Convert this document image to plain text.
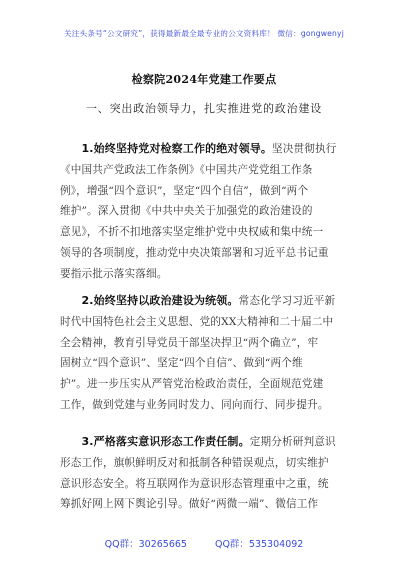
关注头条号“公文研究”，获得最新最全最专业的公文资料库！ 微信：gongwenyj
检察院2024年党建工作要点
一、突出政治领导力，扎实推进党的政治建设
　　1.始终坚持党对检察工作的绝对领导。坚决贯彻执行
《中国共产党政法工作条例》《中国共产党党组工作条
例》，增强“四个意识”，坚定“四个自信”，做到“两个
维护”。深入贯彻《中共中央关于加强党的政治建设的
意见》，不折不扣地落实坚定维护党中央权威和集中统一
领导的各项制度，推动党中央决策部署和习近平总书记重
要指示批示落实落细。
　　2.始终坚持以政治建设为统领。常态化学习习近平新
时代中国特色社会主义思想、党的XX大精神和二十届二中
全会精神，教育引导党员干部坚决捍卫“两个确立”，牢
固树立“四个意识”、坚定“四个自信”、做到“两个维
护”。进一步压实从严管党治检政治责任，全面规范党建
工作，做到党建与业务同时发力、同向而行、同步提升。
　　3.严格落实意识形态工作责任制。定期分析研判意识
形态工作，旗帜鲜明反对和抵制各种错误观点，切实维护
意识形态安全。将互联网作为意识形态管理重中之重，统
筹抓好网上网下舆论引导。做好“两微一端”、微信工作
QQ群：30265665	QQ群：535304092
